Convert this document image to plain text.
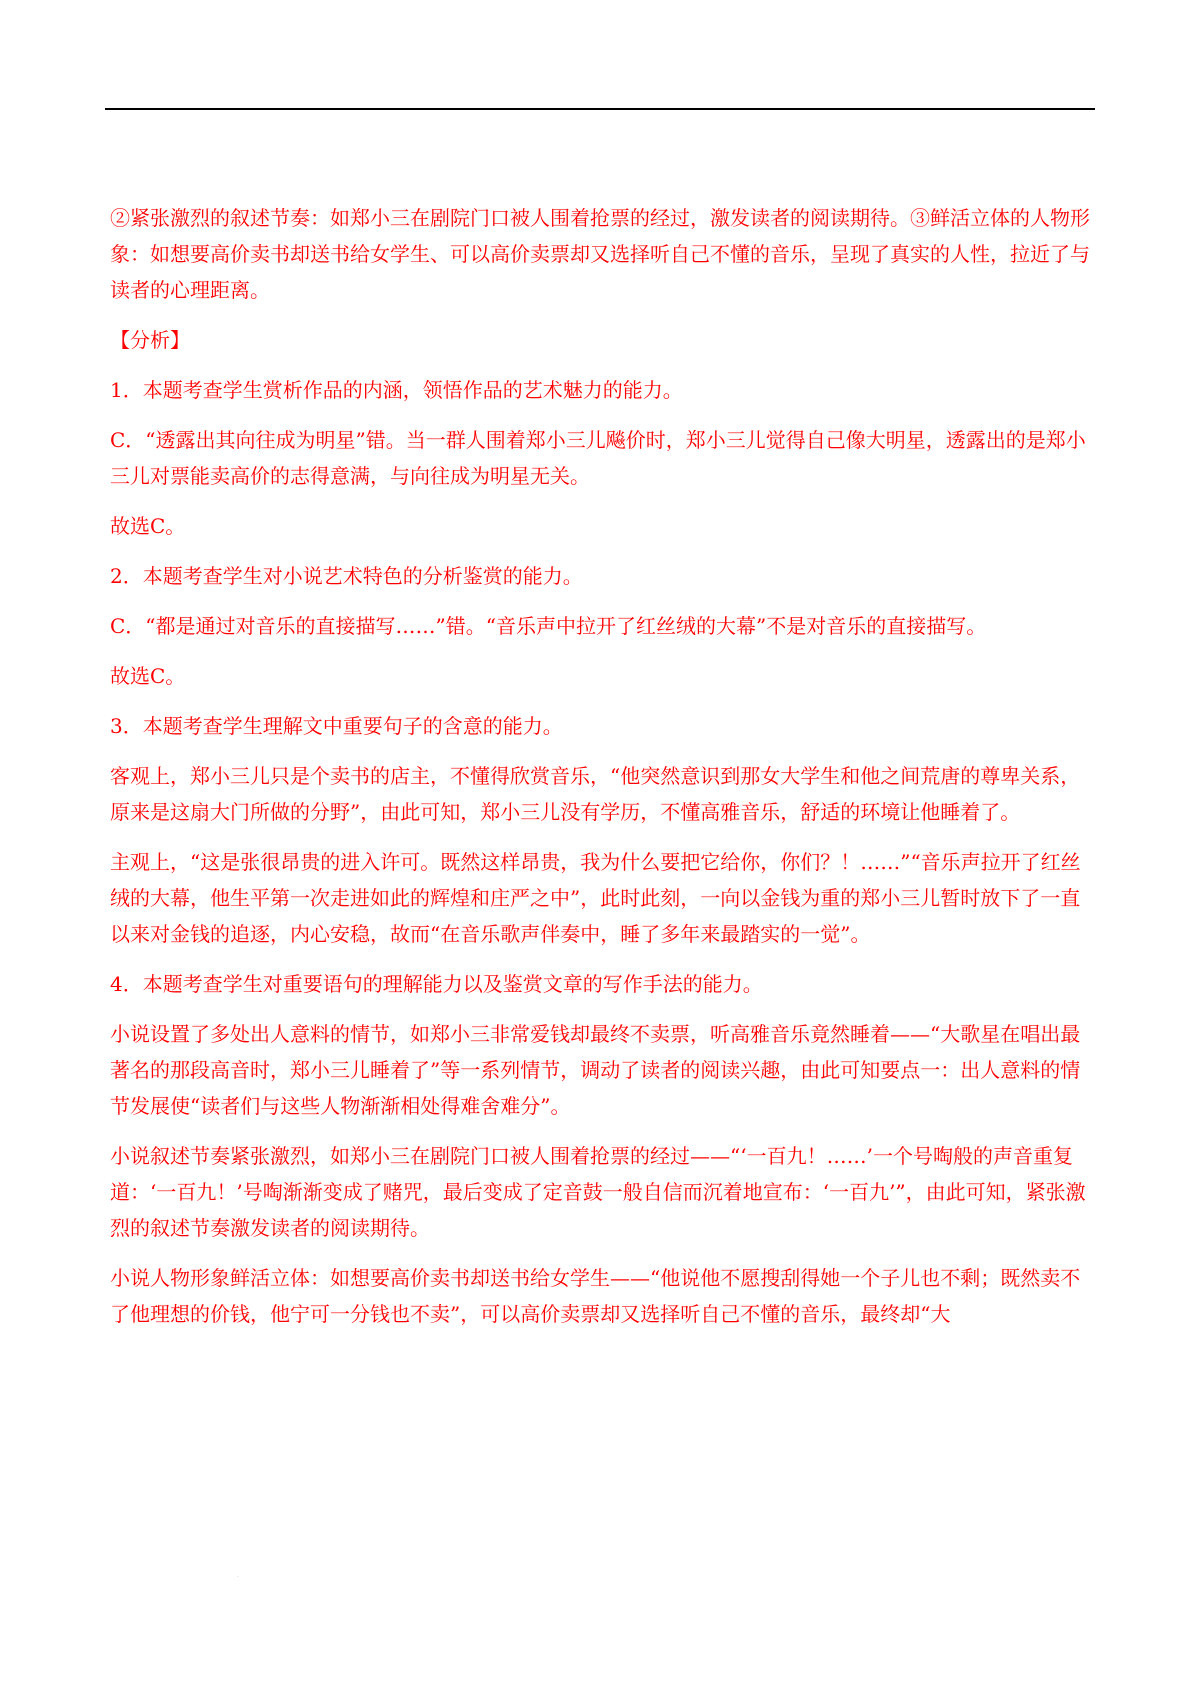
②紧张激烈的叙述节奏：如郑小三在剧院门口被人围着抢票的经过，激发读者的阅读期待。③鲜活立体的人物形象：如想要高价卖书却送书给女学生、可以高价卖票却又选择听自己不懂的音乐，呈现了真实的人性，拉近了与读者的心理距离。

【分析】

1．本题考查学生赏析作品的内涵，领悟作品的艺术魅力的能力。

C．“透露出其向往成为明星”错。当一群人围着郑小三儿飚价时，郑小三儿觉得自己像大明星，透露出的是郑小三儿对票能卖高价的志得意满，与向往成为明星无关。

故选C。

2．本题考查学生对小说艺术特色的分析鉴赏的能力。

C．“都是通过对音乐的直接描写……”错。“音乐声中拉开了红丝绒的大幕”不是对音乐的直接描写。

故选C。

3．本题考查学生理解文中重要句子的含意的能力。

客观上，郑小三儿只是个卖书的店主，不懂得欣赏音乐，“他突然意识到那女大学生和他之间荒唐的尊卑关系，原来是这扇大门所做的分野”，由此可知，郑小三儿没有学历，不懂高雅音乐，舒适的环境让他睡着了。

主观上，“这是张很昂贵的进入许可。既然这样昂贵，我为什么要把它给你，你们？！……”“音乐声拉开了红丝绒的大幕，他生平第一次走进如此的辉煌和庄严之中”，此时此刻，一向以金钱为重的郑小三儿暂时放下了一直以来对金钱的追逐，内心安稳，故而“在音乐歌声伴奏中，睡了多年来最踏实的一觉”。

4．本题考查学生对重要语句的理解能力以及鉴赏文章的写作手法的能力。

小说设置了多处出人意料的情节，如郑小三非常爱钱却最终不卖票，听高雅音乐竟然睡着——“大歌星在唱出最著名的那段高音时，郑小三儿睡着了”等一系列情节，调动了读者的阅读兴趣，由此可知要点一：出人意料的情节发展使“读者们与这些人物渐渐相处得难舍难分”。

小说叙述节奏紧张激烈，如郑小三在剧院门口被人围着抢票的经过——“‘一百九！……’一个号啕般的声音重复道：‘一百九！’号啕渐渐变成了赌咒，最后变成了定音鼓一般自信而沉着地宣布：‘一百九’”，由此可知，紧张激烈的叙述节奏激发读者的阅读期待。

小说人物形象鲜活立体：如想要高价卖书却送书给女学生——“他说他不愿搜刮得她一个子儿也不剩；既然卖不了他理想的价钱，他宁可一分钱也不卖”，可以高价卖票却又选择听自己不懂的音乐，最终却“大

.
